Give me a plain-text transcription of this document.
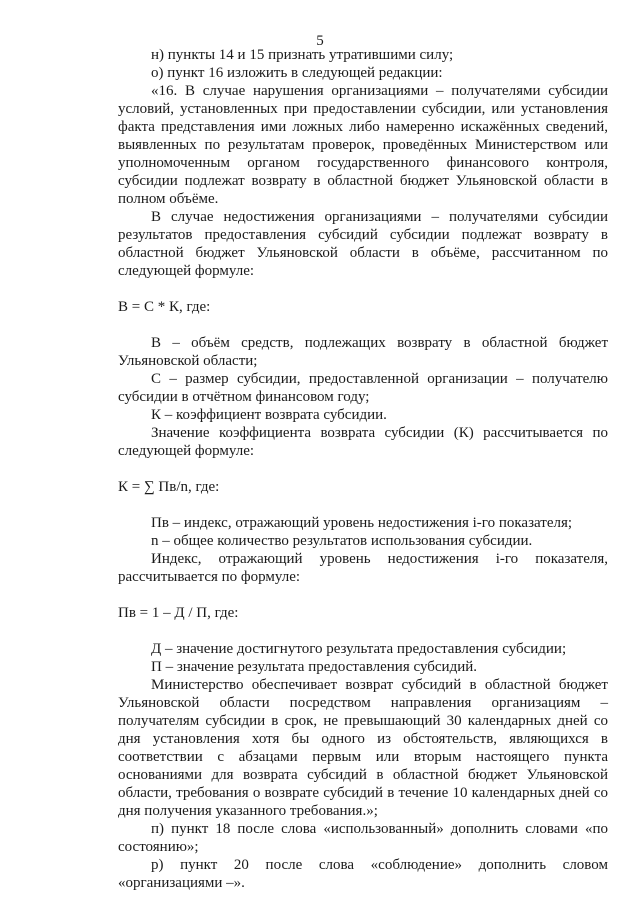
5

н) пункты 14 и 15 признать утратившими силу;

о) пункт 16 изложить в следующей редакции:

«16. В случае нарушения организациями – получателями субсидии условий, установленных при предоставлении субсидии, или установления факта представления ими ложных либо намеренно искажённых сведений, выявленных по результатам проверок, проведённых Министерством или уполномоченным органом государственного финансового контроля, субсидии подлежат возврату в областной бюджет Ульяновской области в полном объёме.

В случае недостижения организациями – получателями субсидии результатов предоставления субсидий субсидии подлежат возврату в областной бюджет Ульяновской области в объёме, рассчитанном по следующей формуле:

В = С * К, где:

В – объём средств, подлежащих возврату в областной бюджет Ульяновской области;

С – размер субсидии, предоставленной организации – получателю субсидии в отчётном финансовом году;

К – коэффициент возврата субсидии.

Значение коэффициента возврата субсидии (К) рассчитывается по следующей формуле:

К = ∑ Пв/n, где:

Пв – индекс, отражающий уровень недостижения i-го показателя;

n – общее количество результатов использования субсидии.

Индекс, отражающий уровень недостижения i-го показателя, рассчитывается по формуле:

Пв = 1 – Д / П, где:

Д – значение достигнутого результата предоставления субсидии;

П – значение результата предоставления субсидий.

Министерство обеспечивает возврат субсидий в областной бюджет Ульяновской области посредством направления организациям – получателям субсидии в срок, не превышающий 30 календарных дней со дня установления хотя бы одного из обстоятельств, являющихся в соответствии с абзацами первым или вторым настоящего пункта основаниями для возврата субсидий в областной бюджет Ульяновской области, требования о возврате субсидий в течение 10 календарных дней со дня получения указанного требования.»;

п) пункт 18 после слова «использованный» дополнить словами «по состоянию»;

р) пункт 20 после слова «соблюдение» дополнить словом «организациями –».
